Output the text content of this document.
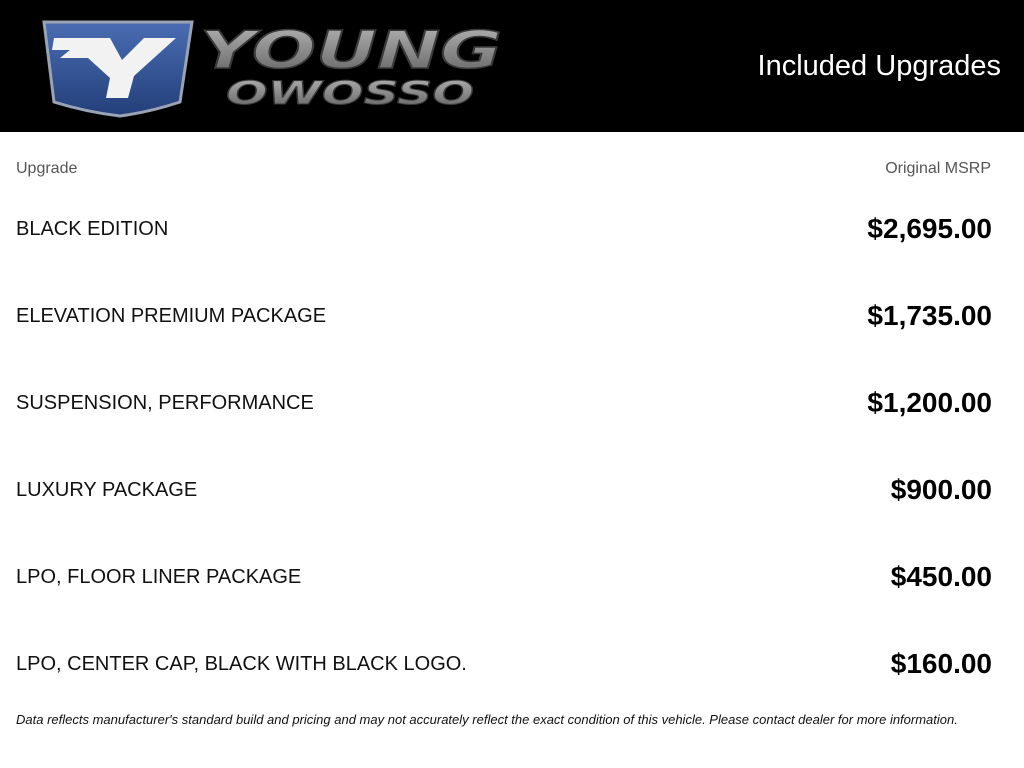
YOUNG
OWOSSO
Included Upgrades
Upgrade	Original MSRP
BLACK EDITION	$2,695.00
ELEVATION PREMIUM PACKAGE	$1,735.00
SUSPENSION, PERFORMANCE	$1,200.00
LUXURY PACKAGE	$900.00
LPO, FLOOR LINER PACKAGE	$450.00
LPO, CENTER CAP, BLACK WITH BLACK LOGO.	$160.00
Data reflects manufacturer's standard build and pricing and may not accurately reflect the exact condition of this vehicle. Please contact dealer for more information.
